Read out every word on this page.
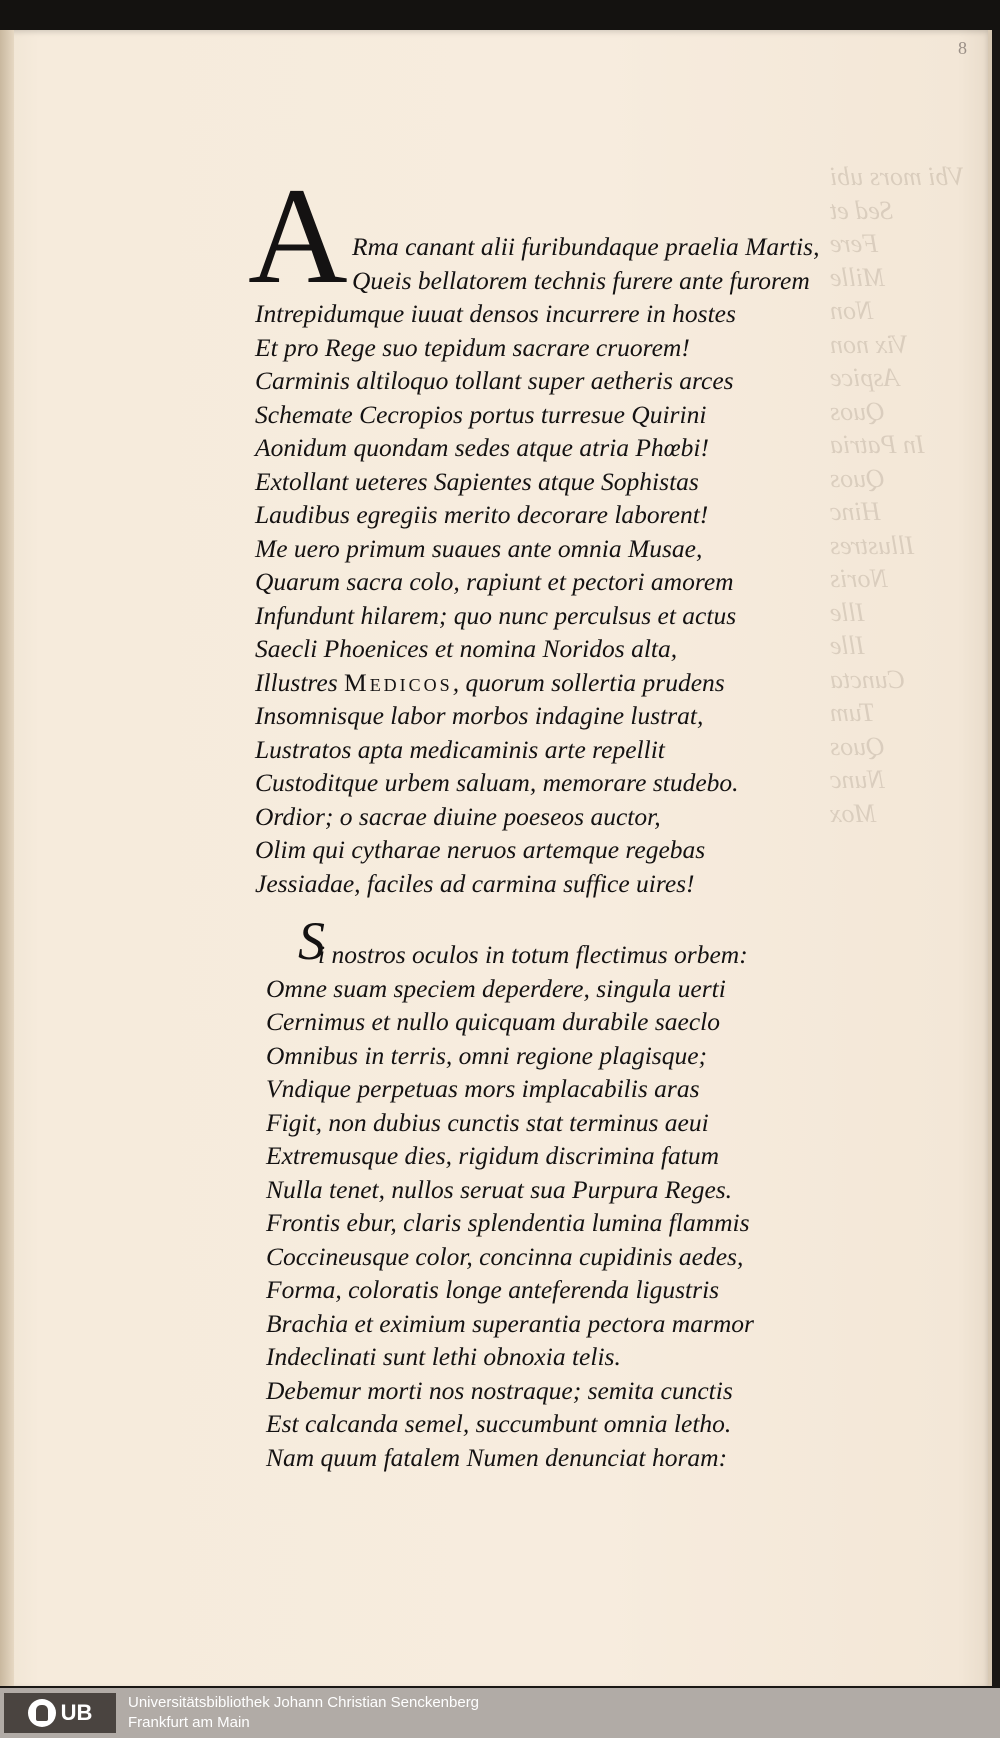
Vbi mors ubi
Sed et
Fere
Mille
Non
Vix non
Aspice
Quos
In Patria
Quos
Hinc
Illustres
Noris
Ille
Ille
Cuncta
Tum
Quos
Nunc
Mox
8
A Rma canant alii furibundaque praelia Martis,
Queis bellatorem technis furere ante furorem
Intrepidumque iuuat densos incurrere in hostes
Et pro Rege suo tepidum sacrare cruorem!
Carminis altiloquo tollant super aetheris arces
Schemate Cecropios portus turresue Quirini
Aonidum quondam sedes atque atria Phœbi!
Extollant ueteres Sapientes atque Sophistas
Laudibus egregiis merito decorare laborent!
Me uero primum suaues ante omnia Musae,
Quarum sacra colo, rapiunt et pectori amorem
Infundunt hilarem; quo nunc perculsus et actus
Saecli Phoenices et nomina Noridos alta,
Illustres Medicos, quorum sollertia prudens
Insomnisque labor morbos indagine lustrat,
Lustratos apta medicaminis arte repellit
Custoditque urbem saluam, memorare studebo.
Ordior; o sacrae diuine poeseos auctor,
Olim qui cytharae neruos artemque regebas
Jessiadae, faciles ad carmina suffice uires!
S
i nostros oculos in totum flectimus orbem:
Omne suam speciem deperdere, singula uerti
Cernimus et nullo quicquam durabile saeclo
Omnibus in terris, omni regione plagisque;
Vndique perpetuas mors implacabilis aras
Figit, non dubius cunctis stat terminus aeui
Extremusque dies, rigidum discrimina fatum
Nulla tenet, nullos seruat sua Purpura Reges.
Frontis ebur, claris splendentia lumina flammis
Coccineusque color, concinna cupidinis aedes,
Forma, coloratis longe anteferenda ligustris
Brachia et eximium superantia pectora marmor
Indeclinati sunt lethi obnoxia telis.
Debemur morti nos nostraque; semita cunctis
Est calcanda semel, succumbunt omnia letho.
Nam quum fatalem Numen denunciat horam:
UB Universitätsbibliothek Johann Christian Senckenberg
Frankfurt am Main
